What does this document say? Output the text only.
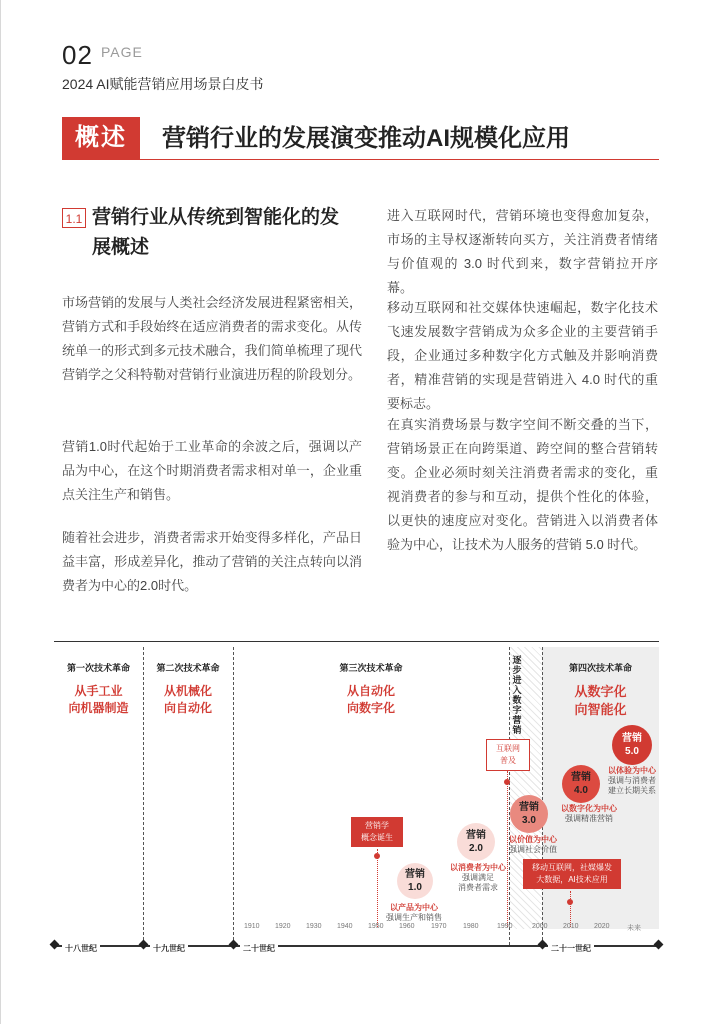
02 PAGE
2024 AI赋能营销应用场景白皮书
概述	营销行业的发展演变推动AI规模化应用
1.1 营销行业从传统到智能化的发展概述

市场营销的发展与人类社会经济发展进程紧密相关，营销方式和手段始终在适应消费者的需求变化。从传统单一的形式到多元技术融合，我们简单梳理了现代营销学之父科特勒对营销行业演进历程的阶段划分。

营销1.0时代起始于工业革命的余波之后，强调以产品为中心，在这个时期消费者需求相对单一，企业重点关注生产和销售。

随着社会进步，消费者需求开始变得多样化，产品日益丰富，形成差异化，推动了营销的关注点转向以消费者为中心的2.0时代。

进入互联网时代，营销环境也变得愈加复杂，市场的主导权逐渐转向买方，关注消费者情绪与价值观的 3.0 时代到来，数字营销拉开序幕。

移动互联网和社交媒体快速崛起，数字化技术飞速发展数字营销成为众多企业的主要营销手段，企业通过多种数字化方式触及并影响消费者，精准营销的实现是营销进入 4.0 时代的重要标志。

在真实消费场景与数字空间不断交叠的当下，营销场景正在向跨渠道、跨空间的整合营销转变。企业必须时刻关注消费者需求的变化，重视消费者的参与和互动，提供个性化的体验，以更快的速度应对变化。营销进入以消费者体验为中心，让技术为人服务的营销 5.0 时代。

第一次技术革命
从手工业
向机器制造
第二次技术革命
从机械化
向自动化
第三次技术革命
从自动化
向数字化
第四次技术革命
从数字化
向智能化
逐步进入数字营销
营销学
概念诞生
互联网
普及
移动互联网，社媒爆发
大数据，AI技术应用
营销
1.0
以产品为中心
强调生产和销售
营销
2.0
以消费者为中心
强调满足
消费者需求
营销
3.0
以价值为中心
强调社会价值
营销
4.0
以数字化为中心
强调精准营销
营销
5.0
以体验为中心
强调与消费者
建立长期关系
1910 1920 1930 1940 1950 1960 1970 1980	1990	2000 2010 2020 未来
十八世纪	十九世纪	二十世纪	二十一世纪
